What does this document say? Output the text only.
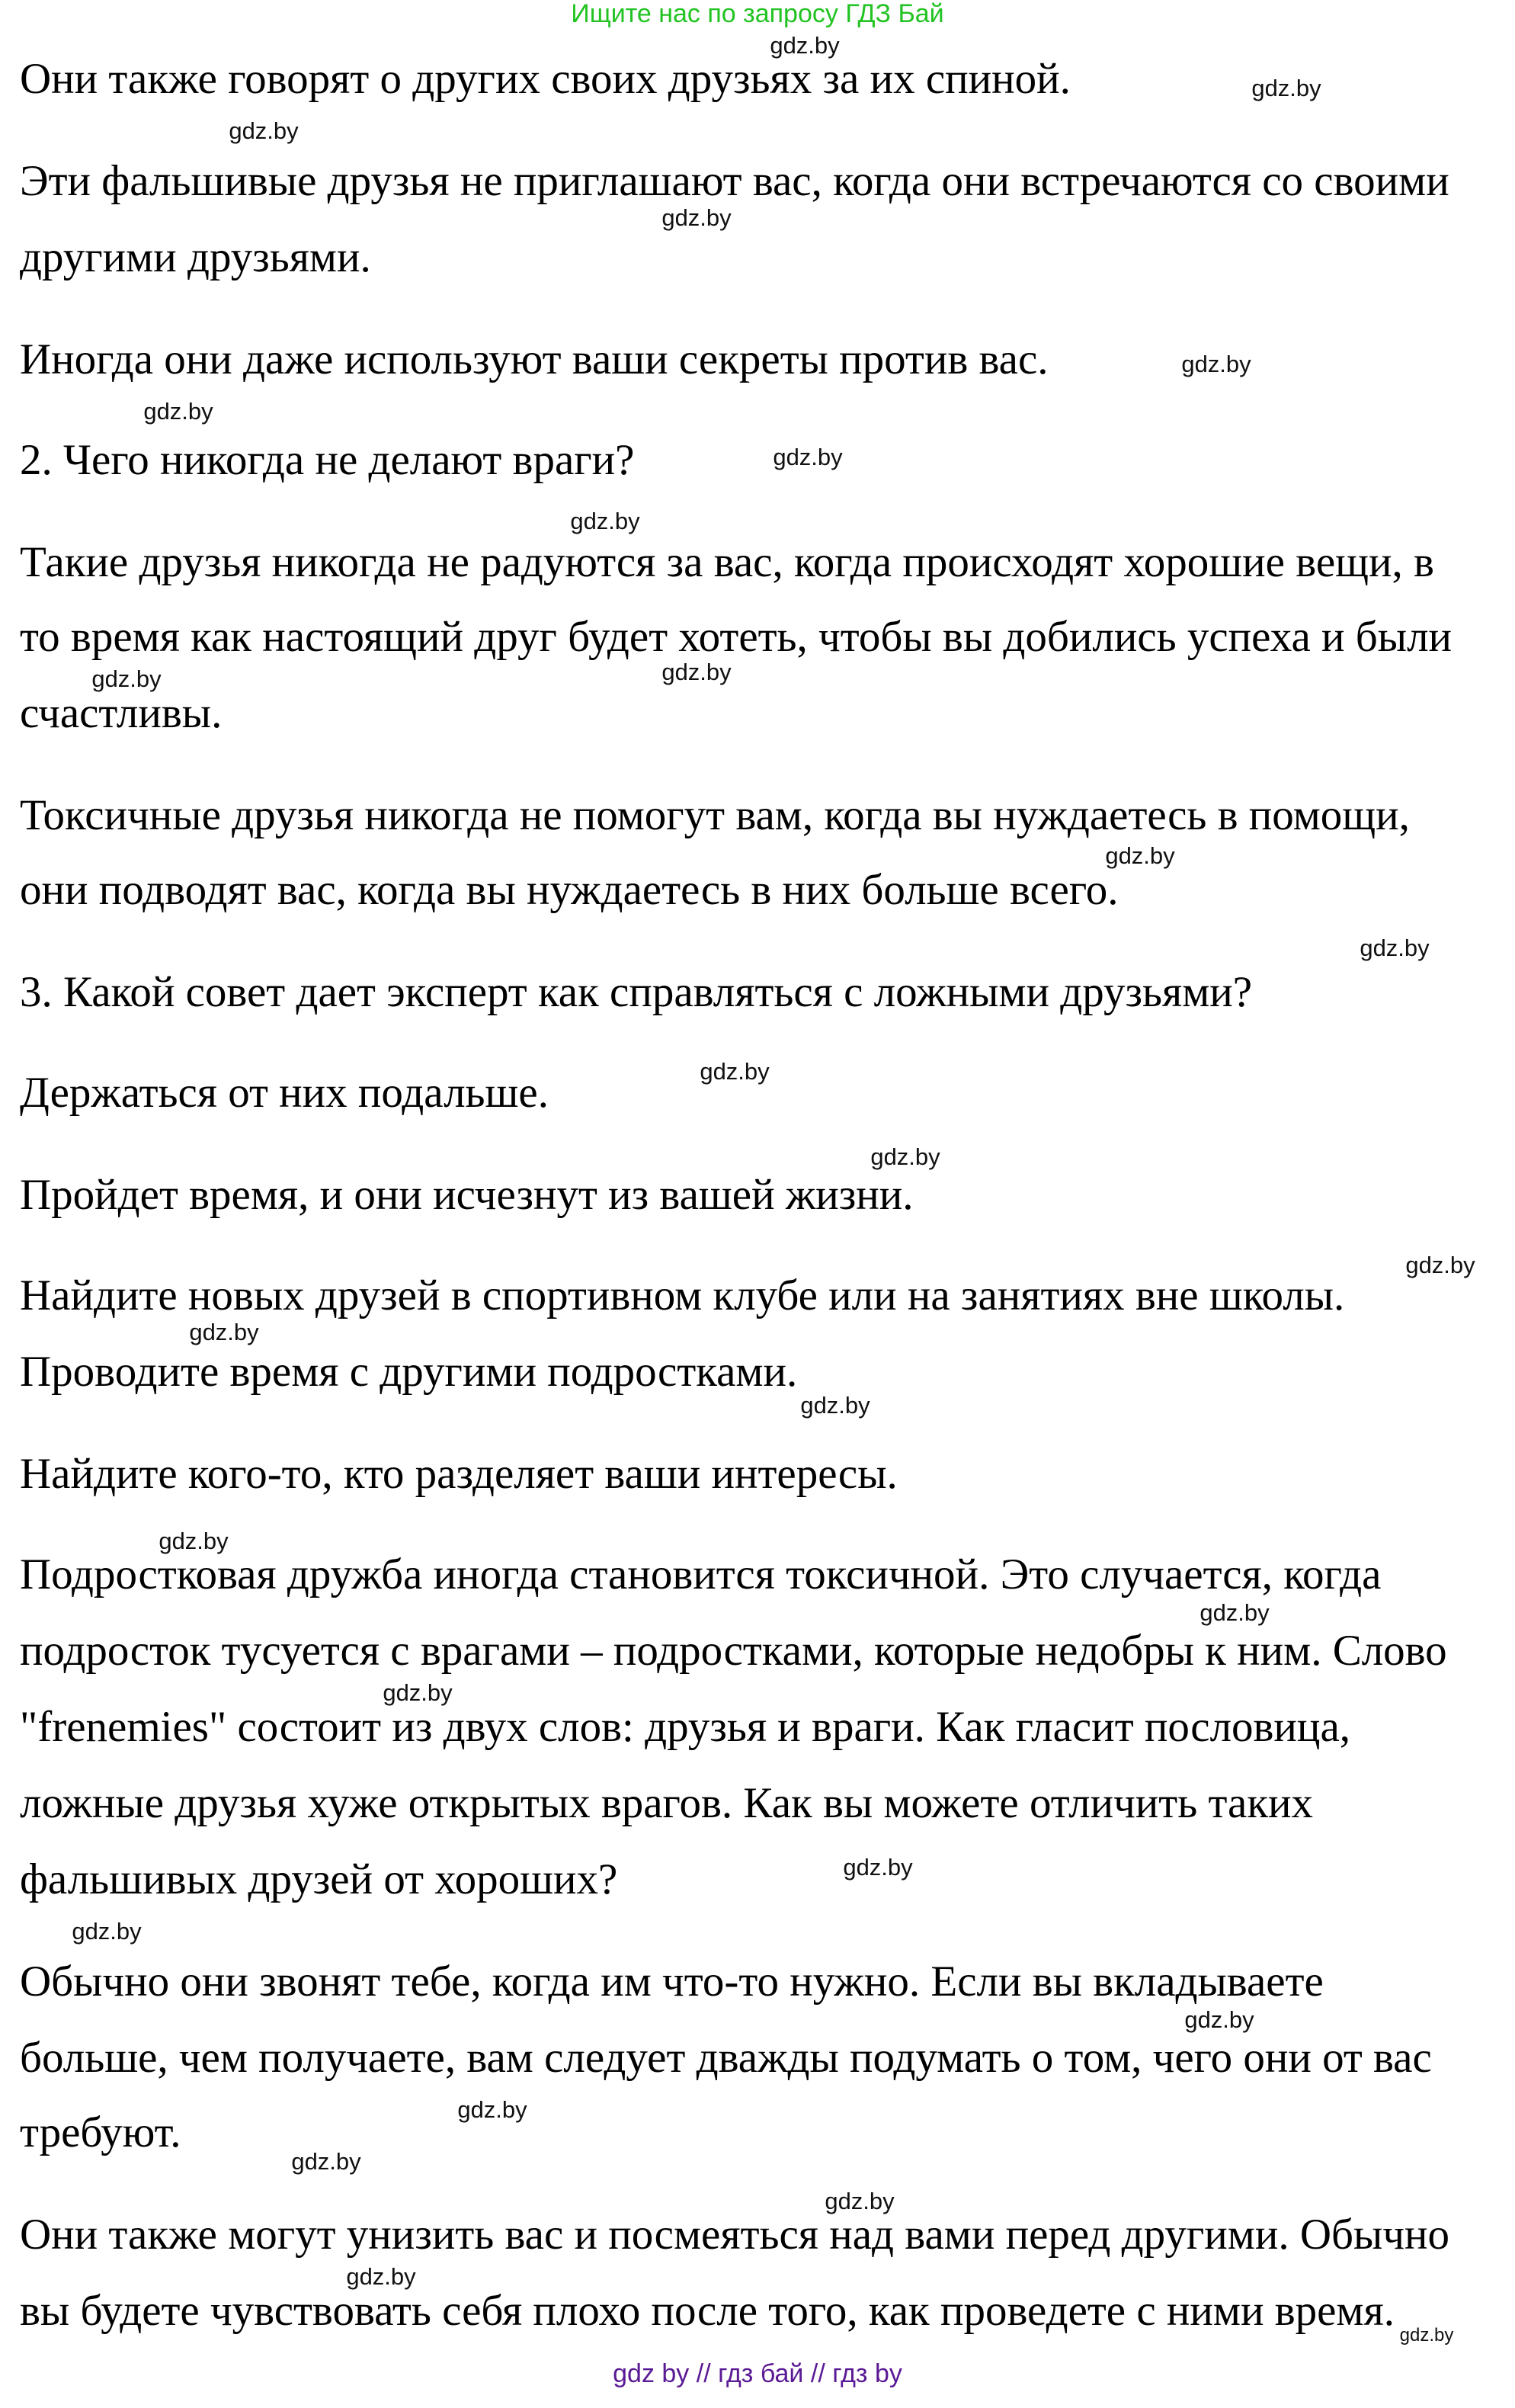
Ищите нас по запросу ГДЗ Бай
Они также говорят о других своих друзьях за их спиной.
Эти фальшивые друзья не приглашают вас, когда они встречаются со своими
другими друзьями.
Иногда они даже используют ваши секреты против вас.
2. Чего никогда не делают враги?
Такие друзья никогда не радуются за вас, когда происходят хорошие вещи, в
то время как настоящий друг будет хотеть, чтобы вы добились успеха и были
счастливы.
Токсичные друзья никогда не помогут вам, когда вы нуждаетесь в помощи,
они подводят вас, когда вы нуждаетесь в них больше всего.
3. Какой совет дает эксперт как справляться с ложными друзьями?
Держаться от них подальше.
Пройдет время, и они исчезнут из вашей жизни.
Найдите новых друзей в спортивном клубе или на занятиях вне школы.
Проводите время с другими подростками.
Найдите кого-то, кто разделяет ваши интересы.
Подростковая дружба иногда становится токсичной. Это случается, когда
подросток тусуется с врагами – подростками, которые недобры к ним. Слово
"frenemies" состоит из двух слов: друзья и враги. Как гласит пословица,
ложные друзья хуже открытых врагов. Как вы можете отличить таких
фальшивых друзей от хороших?
Обычно они звонят тебе, когда им что-то нужно. Если вы вкладываете
больше, чем получаете, вам следует дважды подумать о том, чего они от вас
требуют.
Они также могут унизить вас и посмеяться над вами перед другими. Обычно
вы будете чувствовать себя плохо после того, как проведете с ними время.
gdz.by
gdz.by
gdz.by
gdz.by
gdz.by
gdz.by
gdz.by
gdz.by
gdz.by
gdz.by
gdz.by
gdz.by
gdz.by
gdz.by
gdz.by
gdz.by
gdz.by
gdz.by
gdz.by
gdz.by
gdz.by
gdz.by
gdz.by
gdz.by
gdz.by
gdz.by
gdz.by
gdz.by
gdz by // гдз бай // гдз by
